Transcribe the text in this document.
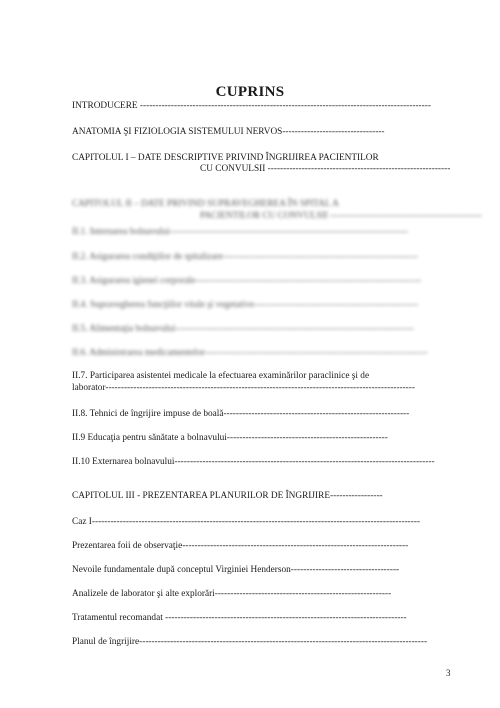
CUPRINS
INTRODUCERE ----------------------------------------------------------------------------------------------
ANATOMIA ŞI FIZIOLOGIA SISTEMULUI NERVOS---------------------------------
CAPITOLUL I – DATE DESCRIPTIVE PRIVIND ÎNGRIJIREA PACIENTILOR
CU CONVULSII -----------------------------------------------------------
CAPITOLUL II – DATE PRIVIND SUPRAVEGHEREA ÎN SPITAL A
PACIENTILOR CU CONVULSII -------------------------------------------------
II.1. Internarea bolnavului-----------------------------------------------------------------------------
II.2. Asigurarea condiţiilor de spitalizare---------------------------------------------------------------
II.3. Asigurarea igienei corporale-------------------------------------------------------------------------
II.4. Supravegherea funcţiilor vitale şi vegetative-----------------------------------------------------
II.5. Alimentaţia bolnavului-----------------------------------------------------------------------------
II.6. Administrarea medicamentelor------------------------------------------------------------------------
II.7. Participarea asistentei medicale la efectuarea examinărilor paraclinice şi de
laborator----------------------------------------------------------------------------------------------------
II.8. Tehnici de îngrijire impuse de boală------------------------------------------------------------
II.9 Educaţia pentru sănătate a bolnavului----------------------------------------------------
II.10 Externarea bolnavului------------------------------------------------------------------------------------
CAPITOLUL III - PREZENTAREA PLANURILOR DE ÎNGRIJIRE-----------------
Caz I----------------------------------------------------------------------------------------------------------
Prezentarea foii de observaţie-------------------------------------------------------------------------
Nevoile fundamentale după conceptul Virginiei Henderson-----------------------------------
Analizele de laborator şi alte explorări---------------------------------------------------------
Tratamentul recomandat ------------------------------------------------------------------------------
Planul de îngrijire---------------------------------------------------------------------------------------------
3
